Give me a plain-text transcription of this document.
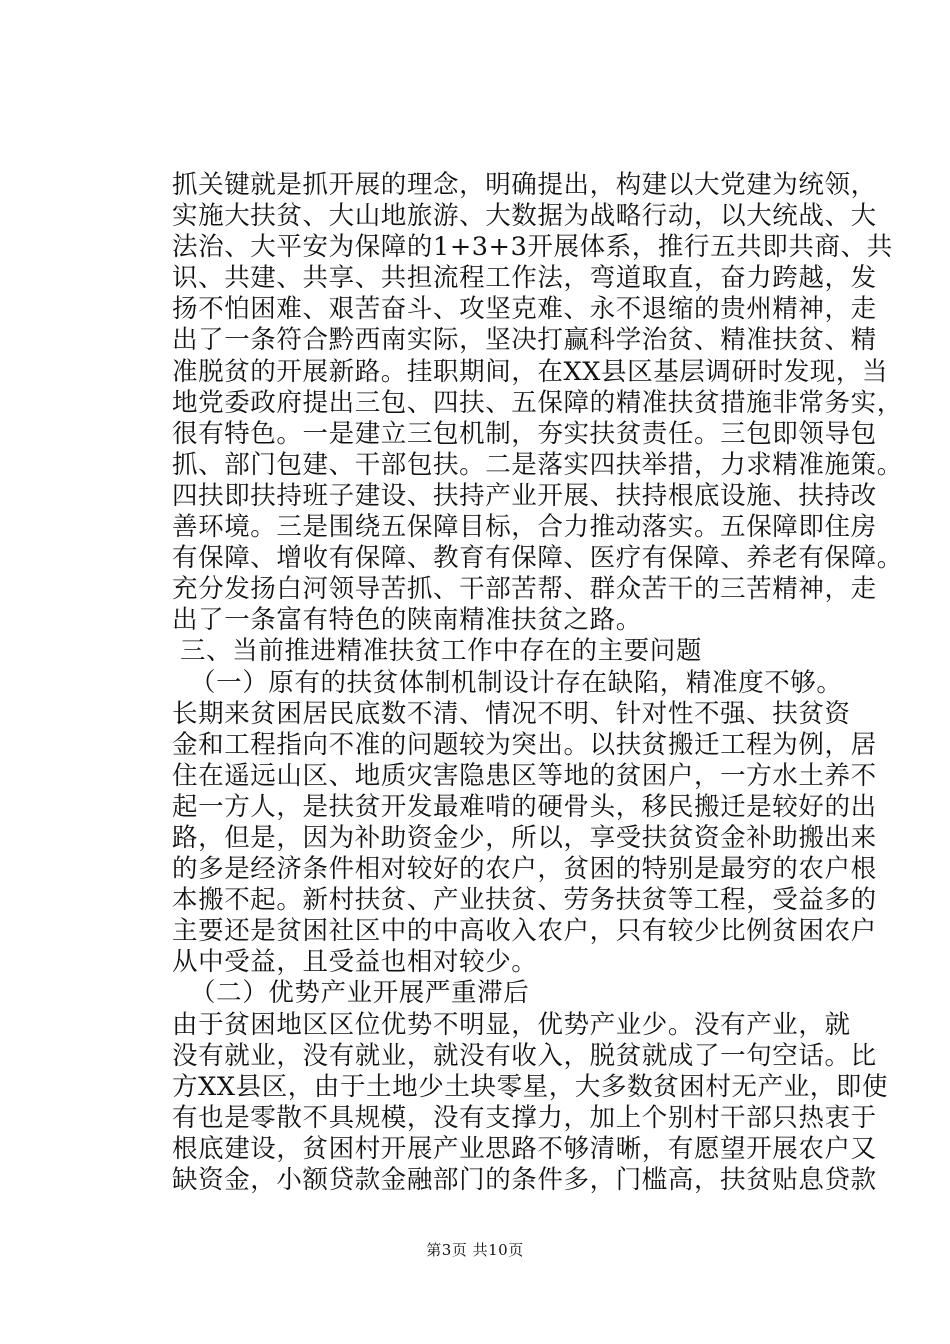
抓关键就是抓开展的理念，明确提出，构建以大党建为统领，
实施大扶贫、大山地旅游、大数据为战略行动，以大统战、大
法治、大平安为保障的1+3+3开展体系，推行五共即共商、共
识、共建、共享、共担流程工作法，弯道取直，奋力跨越，发
扬不怕困难、艰苦奋斗、攻坚克难、永不退缩的贵州精神，走
出了一条符合黔西南实际，坚决打赢科学治贫、精准扶贫、精
准脱贫的开展新路。挂职期间，在XX县区基层调研时发现，当
地党委政府提出三包、四扶、五保障的精准扶贫措施非常务实，
很有特色。一是建立三包机制，夯实扶贫责任。三包即领导包
抓、部门包建、干部包扶。二是落实四扶举措，力求精准施策。
四扶即扶持班子建设、扶持产业开展、扶持根底设施、扶持改
善环境。三是围绕五保障目标，合力推动落实。五保障即住房
有保障、增收有保障、教育有保障、医疗有保障、养老有保障。
充分发扬白河领导苦抓、干部苦帮、群众苦干的三苦精神，走
出了一条富有特色的陕南精准扶贫之路。
三、当前推进精准扶贫工作中存在的主要问题
（一）原有的扶贫体制机制设计存在缺陷，精准度不够。
长期来贫困居民底数不清、情况不明、针对性不强、扶贫资
金和工程指向不准的问题较为突出。以扶贫搬迁工程为例，居
住在遥远山区、地质灾害隐患区等地的贫困户，一方水土养不
起一方人，是扶贫开发最难啃的硬骨头，移民搬迁是较好的出
路，但是，因为补助资金少，所以，享受扶贫资金补助搬出来
的多是经济条件相对较好的农户，贫困的特别是最穷的农户根
本搬不起。新村扶贫、产业扶贫、劳务扶贫等工程，受益多的
主要还是贫困社区中的中高收入农户，只有较少比例贫困农户
从中受益，且受益也相对较少。
（二）优势产业开展严重滞后
由于贫困地区区位优势不明显，优势产业少。没有产业，就
没有就业，没有就业，就没有收入，脱贫就成了一句空话。比
方XX县区，由于土地少土块零星，大多数贫困村无产业，即使
有也是零散不具规模，没有支撑力，加上个别村干部只热衷于
根底建设，贫困村开展产业思路不够清晰，有愿望开展农户又
缺资金，小额贷款金融部门的条件多，门槛高，扶贫贴息贷款
第3页 共10页
